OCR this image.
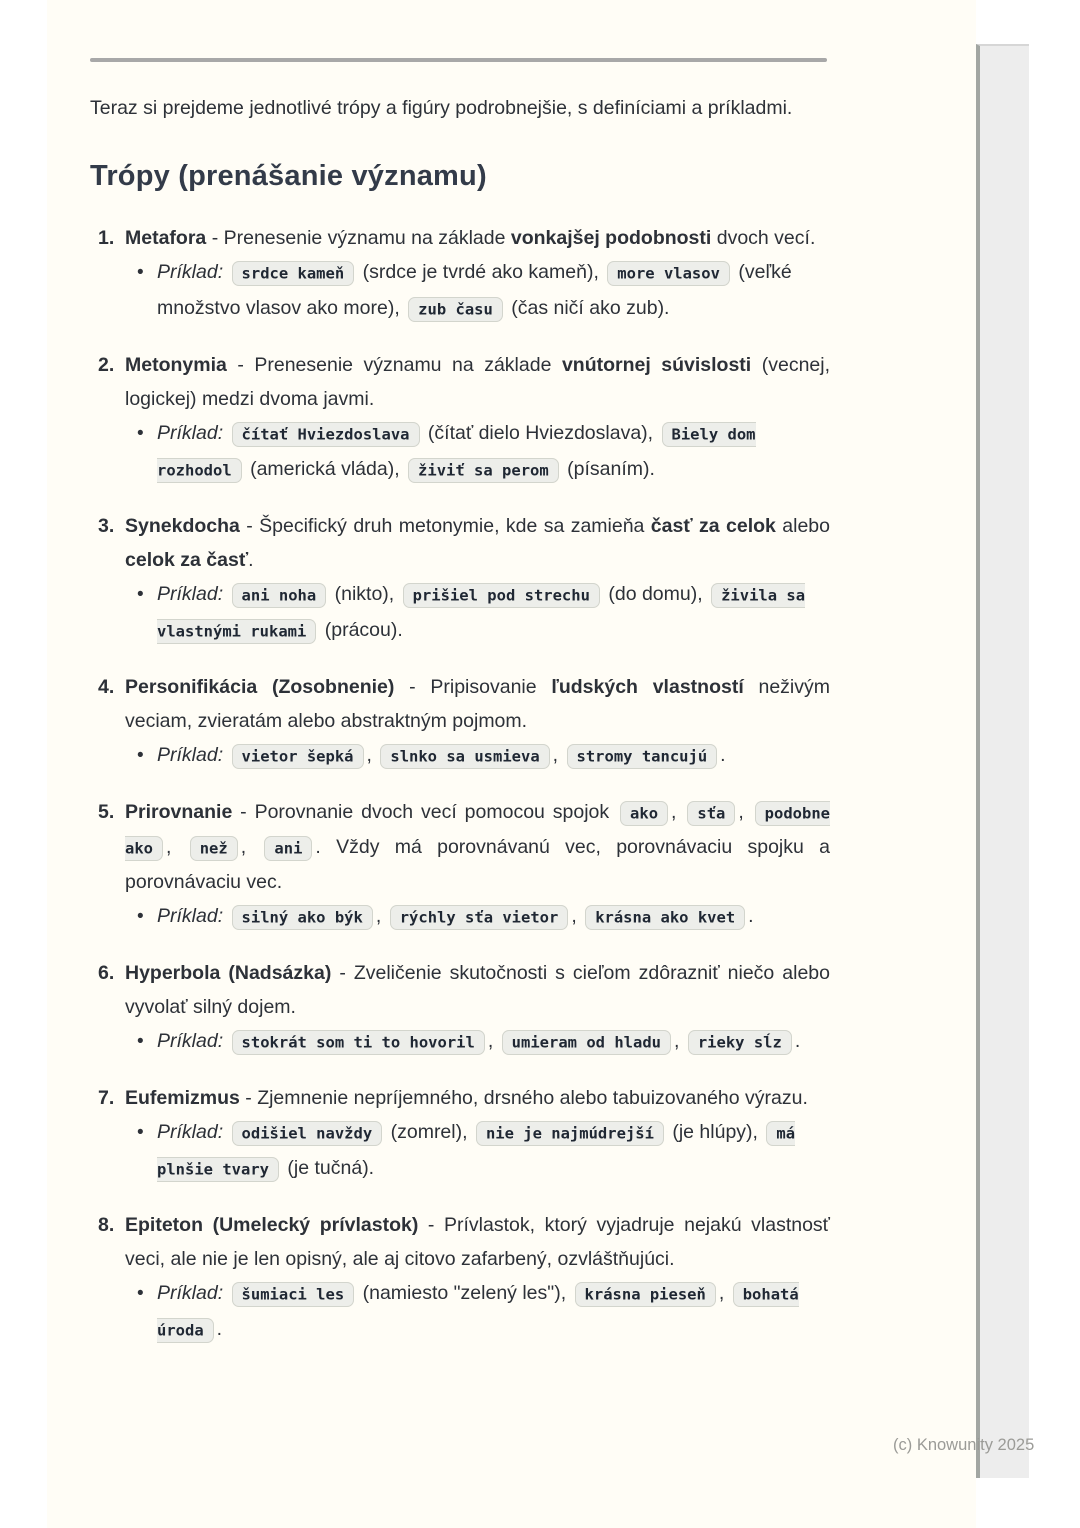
Teraz si prejdeme jednotlivé trópy a figúry podrobnejšie, s definíciami a príkladmi.

Trópy (prenášanie významu)
1. Metafora - Prenesenie významu na základe vonkajšej podobnosti dvoch vecí.
• Príklad: srdce kameň (srdce je tvrdé ako kameň), more vlasov (veľké množstvo vlasov ako more), zub času (čas ničí ako zub).
2. Metonymia - Prenesenie významu na základe vnútornej súvislosti (vecnej, logickej) medzi dvoma javmi.
• Príklad: čítať Hviezdoslava (čítať dielo Hviezdoslava), Biely dom rozhodol (americká vláda), živiť sa perom (písaním).
3. Synekdocha - Špecifický druh metonymie, kde sa zamieňa časť za celok alebo celok za časť.
• Príklad: ani noha (nikto), prišiel pod strechu (do domu), živila sa vlastnými rukami (prácou).
4. Personifikácia (Zosobnenie) - Pripisovanie ľudských vlastností neživým veciam, zvieratám alebo abstraktným pojmom.
• Príklad: vietor šepká , slnko sa usmieva , stromy tancujú .
5. Prirovnanie - Porovnanie dvoch vecí pomocou spojok ako , sťa , podobne ako , než , ani . Vždy má porovnávanú vec, porovnávaciu spojku a porovnávaciu vec.
• Príklad: silný ako býk , rýchly sťa vietor , krásna ako kvet .
6. Hyperbola (Nadsázka) - Zveličenie skutočnosti s cieľom zdôrazniť niečo alebo vyvolať silný dojem.
• Príklad: stokrát som ti to hovoril , umieram od hladu , rieky sĺz .
7. Eufemizmus - Zjemnenie nepríjemného, drsného alebo tabuizovaného výrazu.
• Príklad: odišiel navždy (zomrel), nie je najmúdrejší (je hlúpy), má plnšie tvary (je tučná).
8. Epiteton (Umelecký prívlastok) - Prívlastok, ktorý vyjadruje nejakú vlastnosť veci, ale nie je len opisný, ale aj citovo zafarbený, ozvláštňujúci.
• Príklad: šumiaci les (namiesto "zelený les"), krásna pieseň , bohatá úroda .
(c) Knowunity 2025
